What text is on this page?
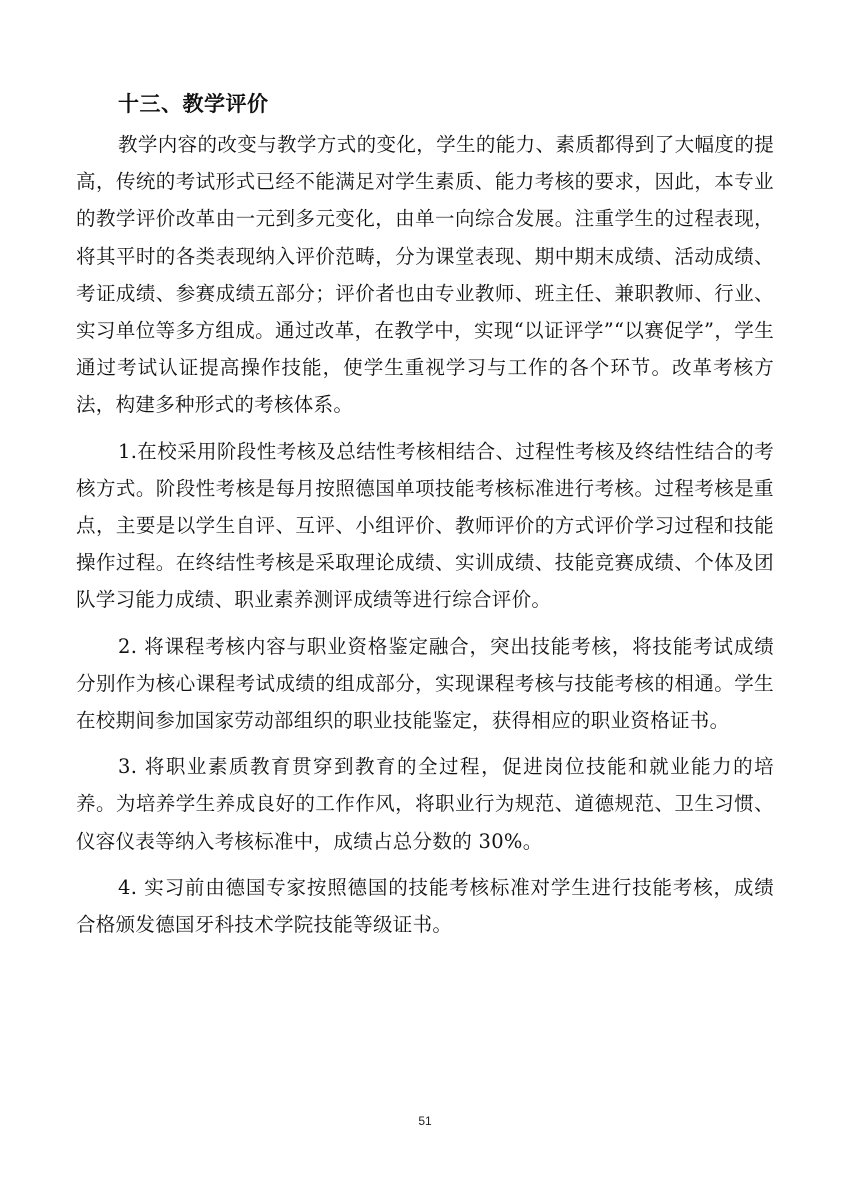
十三、教学评价

教学内容的改变与教学方式的变化，学生的能力、素质都得到了大幅度的提高，传统的考试形式已经不能满足对学生素质、能力考核的要求，因此，本专业的教学评价改革由一元到多元变化，由单一向综合发展。注重学生的过程表现，将其平时的各类表现纳入评价范畴，分为课堂表现、期中期末成绩、活动成绩、考证成绩、参赛成绩五部分；评价者也由专业教师、班主任、兼职教师、行业、实习单位等多方组成。通过改革，在教学中，实现“以证评学”“以赛促学”，学生通过考试认证提高操作技能，使学生重视学习与工作的各个环节。改革考核方法，构建多种形式的考核体系。

1.在校采用阶段性考核及总结性考核相结合、过程性考核及终结性结合的考核方式。阶段性考核是每月按照德国单项技能考核标准进行考核。过程考核是重点，主要是以学生自评、互评、小组评价、教师评价的方式评价学习过程和技能操作过程。在终结性考核是采取理论成绩、实训成绩、技能竞赛成绩、个体及团队学习能力成绩、职业素养测评成绩等进行综合评价。

2. 将课程考核内容与职业资格鉴定融合，突出技能考核，将技能考试成绩分别作为核心课程考试成绩的组成部分，实现课程考核与技能考核的相通。学生在校期间参加国家劳动部组织的职业技能鉴定，获得相应的职业资格证书。

3. 将职业素质教育贯穿到教育的全过程，促进岗位技能和就业能力的培养。为培养学生养成良好的工作作风，将职业行为规范、道德规范、卫生习惯、仪容仪表等纳入考核标准中，成绩占总分数的 30%。

4. 实习前由德国专家按照德国的技能考核标准对学生进行技能考核，成绩合格颁发德国牙科技术学院技能等级证书。

51
